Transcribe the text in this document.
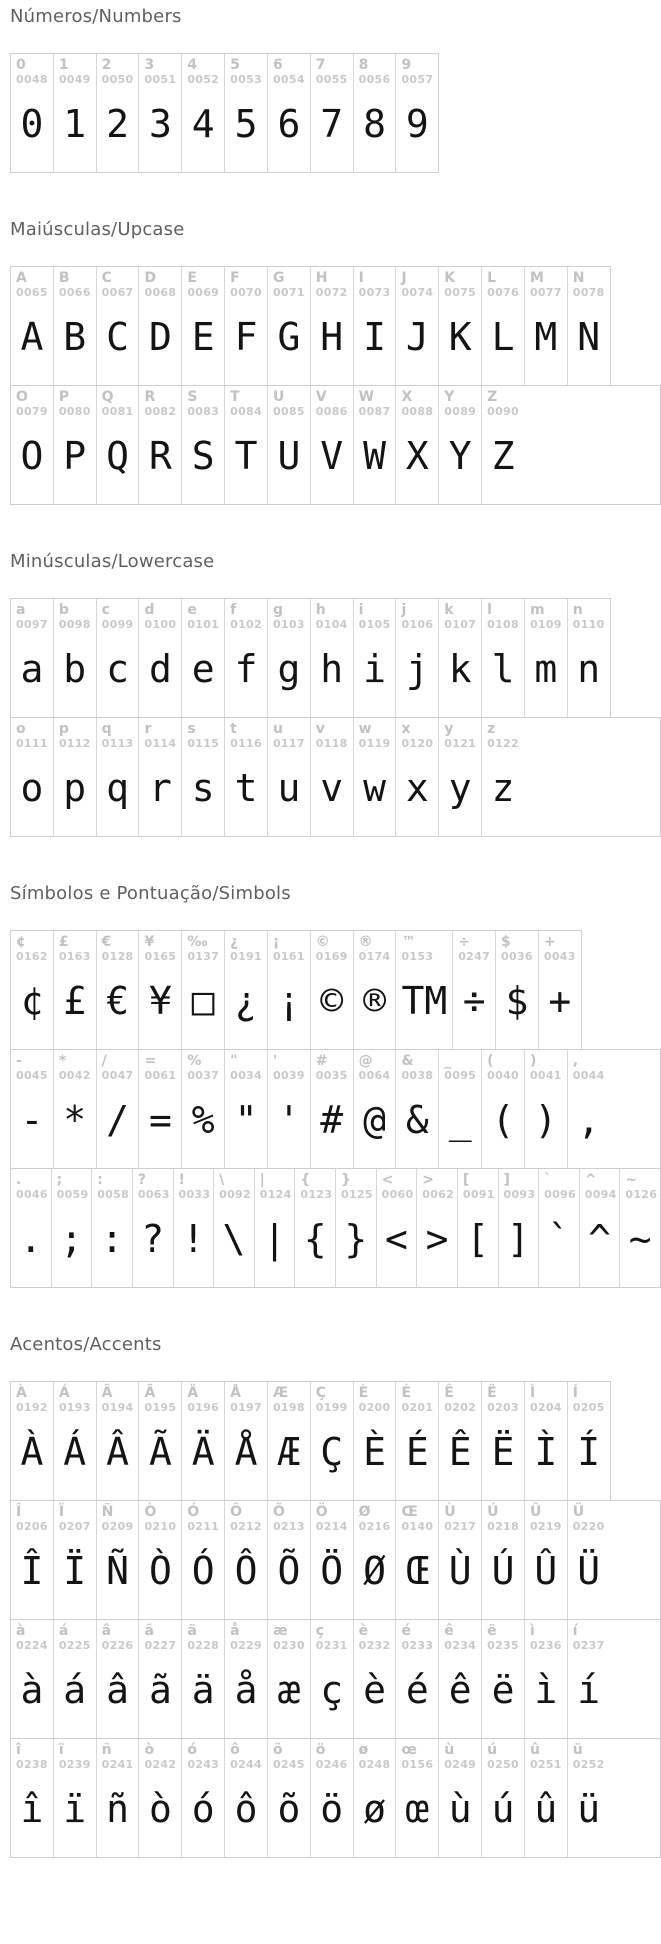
Números/Numbers
0
0048
0
1
0049
1
2
0050
2
3
0051
3
4
0052
4
5
0053
5
6
0054
6
7
0055
7
8
0056
8
9
0057
9
Maiúsculas/Upcase
A
0065
A
B
0066
B
C
0067
C
D
0068
D
E
0069
E
F
0070
F
G
0071
G
H
0072
H
I
0073
I
J
0074
J
K
0075
K
L
0076
L
M
0077
M
N
0078
N
O
0079
O
P
0080
P
Q
0081
Q
R
0082
R
S
0083
S
T
0084
T
U
0085
U
V
0086
V
W
0087
W
X
0088
X
Y
0089
Y
Z
0090
Z
Minúsculas/Lowercase
a
0097
a
b
0098
b
c
0099
c
d
0100
d
e
0101
e
f
0102
f
g
0103
g
h
0104
h
i
0105
i
j
0106
j
k
0107
k
l
0108
l
m
0109
m
n
0110
n
o
0111
o
p
0112
p
q
0113
q
r
0114
r
s
0115
s
t
0116
t
u
0117
u
v
0118
v
w
0119
w
x
0120
x
y
0121
y
z
0122
z
Símbolos e Pontuação/Simbols
¢
0162
¢
£
0163
£
€
0128
€
¥
0165
¥
‰
0137
□
¿
0191
¿
¡
0161
¡
©
0169
©
®
0174
®
™
0153
TM
÷
0247
÷
$
0036
$
+
0043
+
-
0045
-
*
0042
*
/
0047
/
=
0061
=
%
0037
%
"
0034
"
'
0039
'
#
0035
#
@
0064
@
&
0038
&
_
0095
_
(
0040
(
)
0041
)
,
0044
,
.
0046
.
;
0059
;
:
0058
:
?
0063
?
!
0033
!
\
0092
\
|
0124
|
{
0123
{
}
0125
}
<
0060
<
>
0062
>
[
0091
[
]
0093
]
`
0096
`
^
0094
^
~
0126
~
Acentos/Accents
À
0192
À
Á
0193
Á
Â
0194
Â
Ã
0195
Ã
Ä
0196
Ä
Å
0197
Å
Æ
0198
Æ
Ç
0199
Ç
È
0200
È
É
0201
É
Ê
0202
Ê
Ë
0203
Ë
Ì
0204
Ì
Í
0205
Í
Î
0206
Î
Ï
0207
Ï
Ñ
0209
Ñ
Ò
0210
Ò
Ó
0211
Ó
Ô
0212
Ô
Õ
0213
Õ
Ö
0214
Ö
Ø
0216
Ø
Œ
0140
Œ
Ù
0217
Ù
Ú
0218
Ú
Û
0219
Û
Ü
0220
Ü
à
0224
à
á
0225
á
â
0226
â
ã
0227
ã
ä
0228
ä
å
0229
å
æ
0230
æ
ç
0231
ç
è
0232
è
é
0233
é
ê
0234
ê
ë
0235
ë
ì
0236
ì
í
0237
í
î
0238
î
ï
0239
ï
ñ
0241
ñ
ò
0242
ò
ó
0243
ó
ô
0244
ô
õ
0245
õ
ö
0246
ö
ø
0248
ø
œ
0156
œ
ù
0249
ù
ú
0250
ú
û
0251
û
ü
0252
ü
